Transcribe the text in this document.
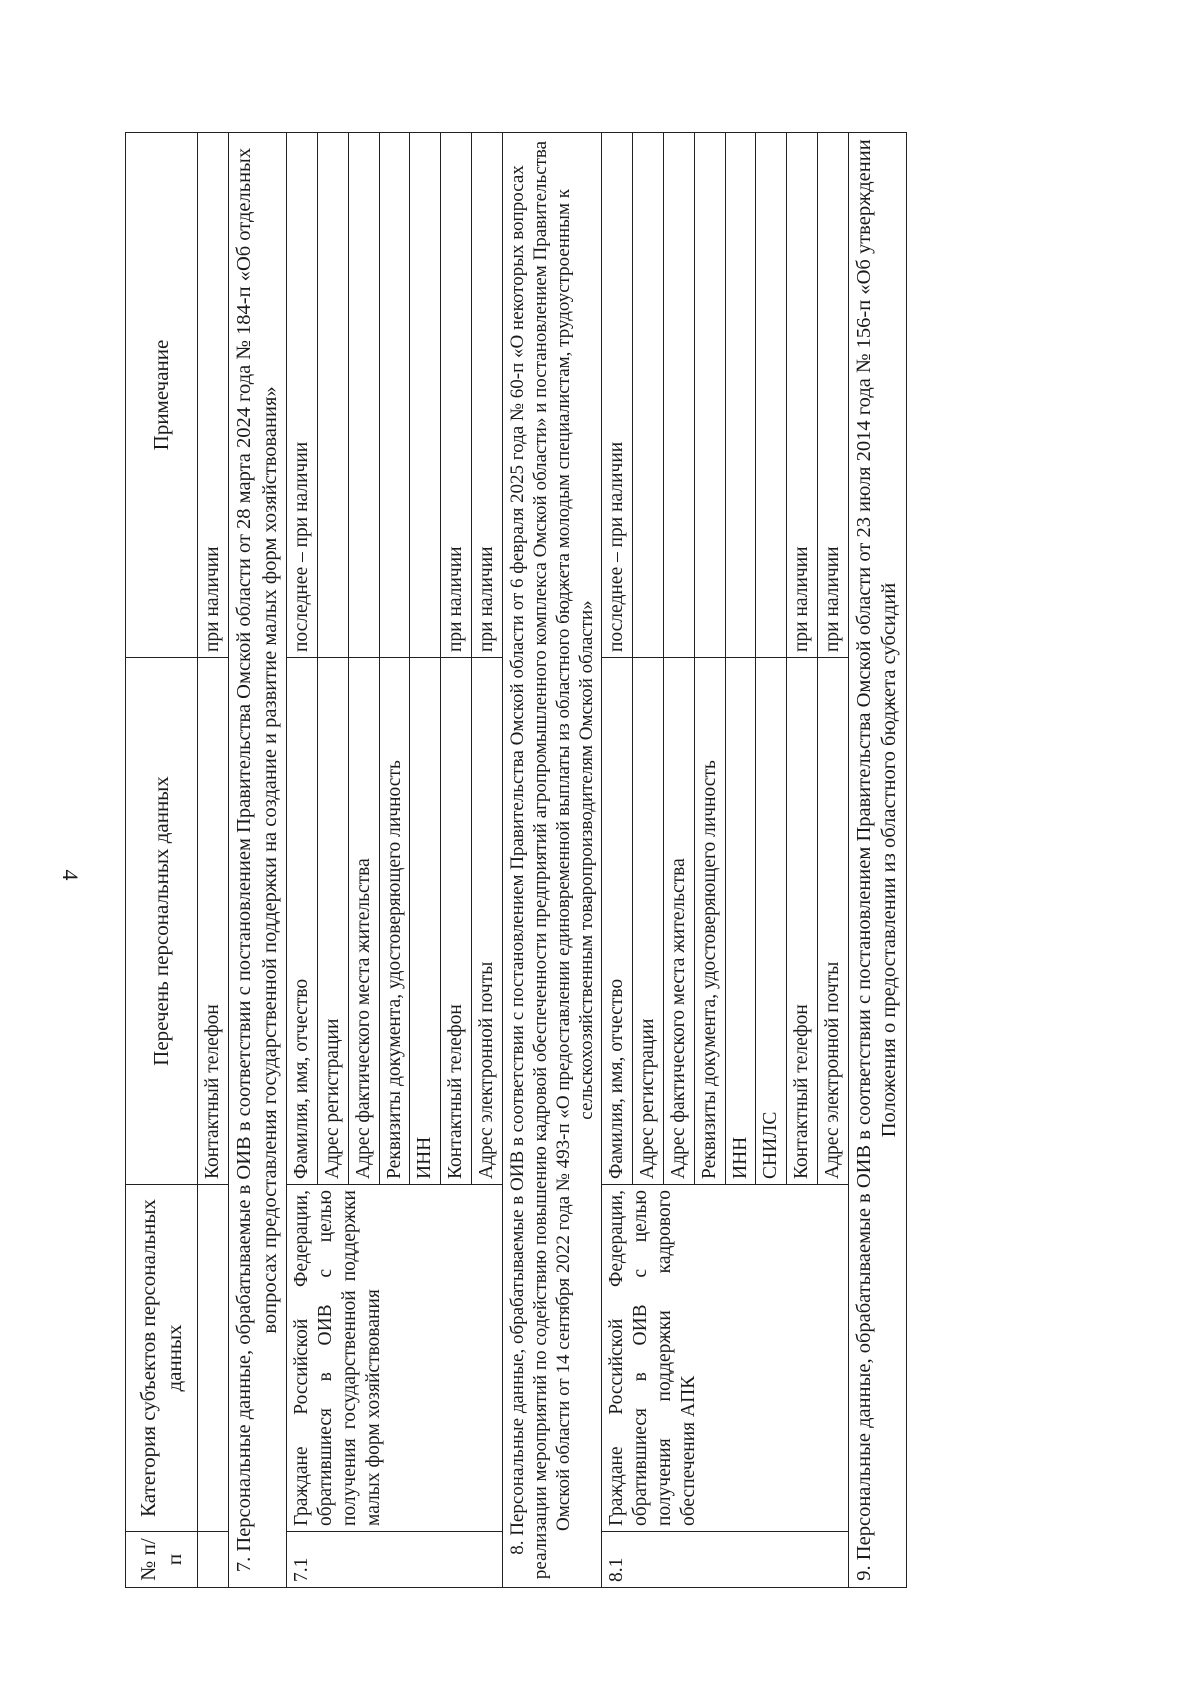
4
№ п/п	Категория субъектов персональных данных	Перечень персональных данных	Примечание
		Контактный телефон	при наличии
7. Персональные данные, обрабатываемые в ОИВ в соответствии с постановлением Правительства Омской области от 28 марта 2024 года № 184-п «Об отдельных вопросах предоставления государственной поддержки на создание и развитие малых форм хозяйствования»			
7.1	Граждане Российской Федерации, обратившиеся в ОИВ с целью получения государственной поддержки малых форм хозяйствования	Фамилия, имя, отчество	последнее – при наличии
		Адрес регистрации	
		Адрес фактического места жительства	
		Реквизиты документа, удостоверяющего личность	
		ИНН	
		Контактный телефон	при наличии
		Адрес электронной почты	при наличии
8. Персональные данные, обрабатываемые в ОИВ в соответствии с постановлением Правительства Омской области от 6 февраля 2025 года № 60-п «О некоторых вопросах реализации мероприятий по содействию повышению кадровой обеспеченности предприятий агропромышленного комплекса Омской области» и постановлением Правительства Омской области от 14 сентября 2022 года № 493-п «О предоставлении единовременной выплаты из областного бюджета молодым специалистам, трудоустроенным к сельскохозяйственным товаропроизводителям Омской области»			
8.1	Граждане Российской Федерации, обратившиеся в ОИВ с целью получения поддержки кадрового обеспечения АПК	Фамилия, имя, отчество	последнее – при наличии
		Адрес регистрации	
		Адрес фактического места жительства	
		Реквизиты документа, удостоверяющего личность	
		ИНН	
		СНИЛС	
		Контактный телефон	при наличии
		Адрес электронной почты	при наличии
9. Персональные данные, обрабатываемые в ОИВ в соответствии с постановлением Правительства Омской области от 23 июля 2014 года № 156-п «Об утверждении Положения о предоставлении из областного бюджета субсидий			
